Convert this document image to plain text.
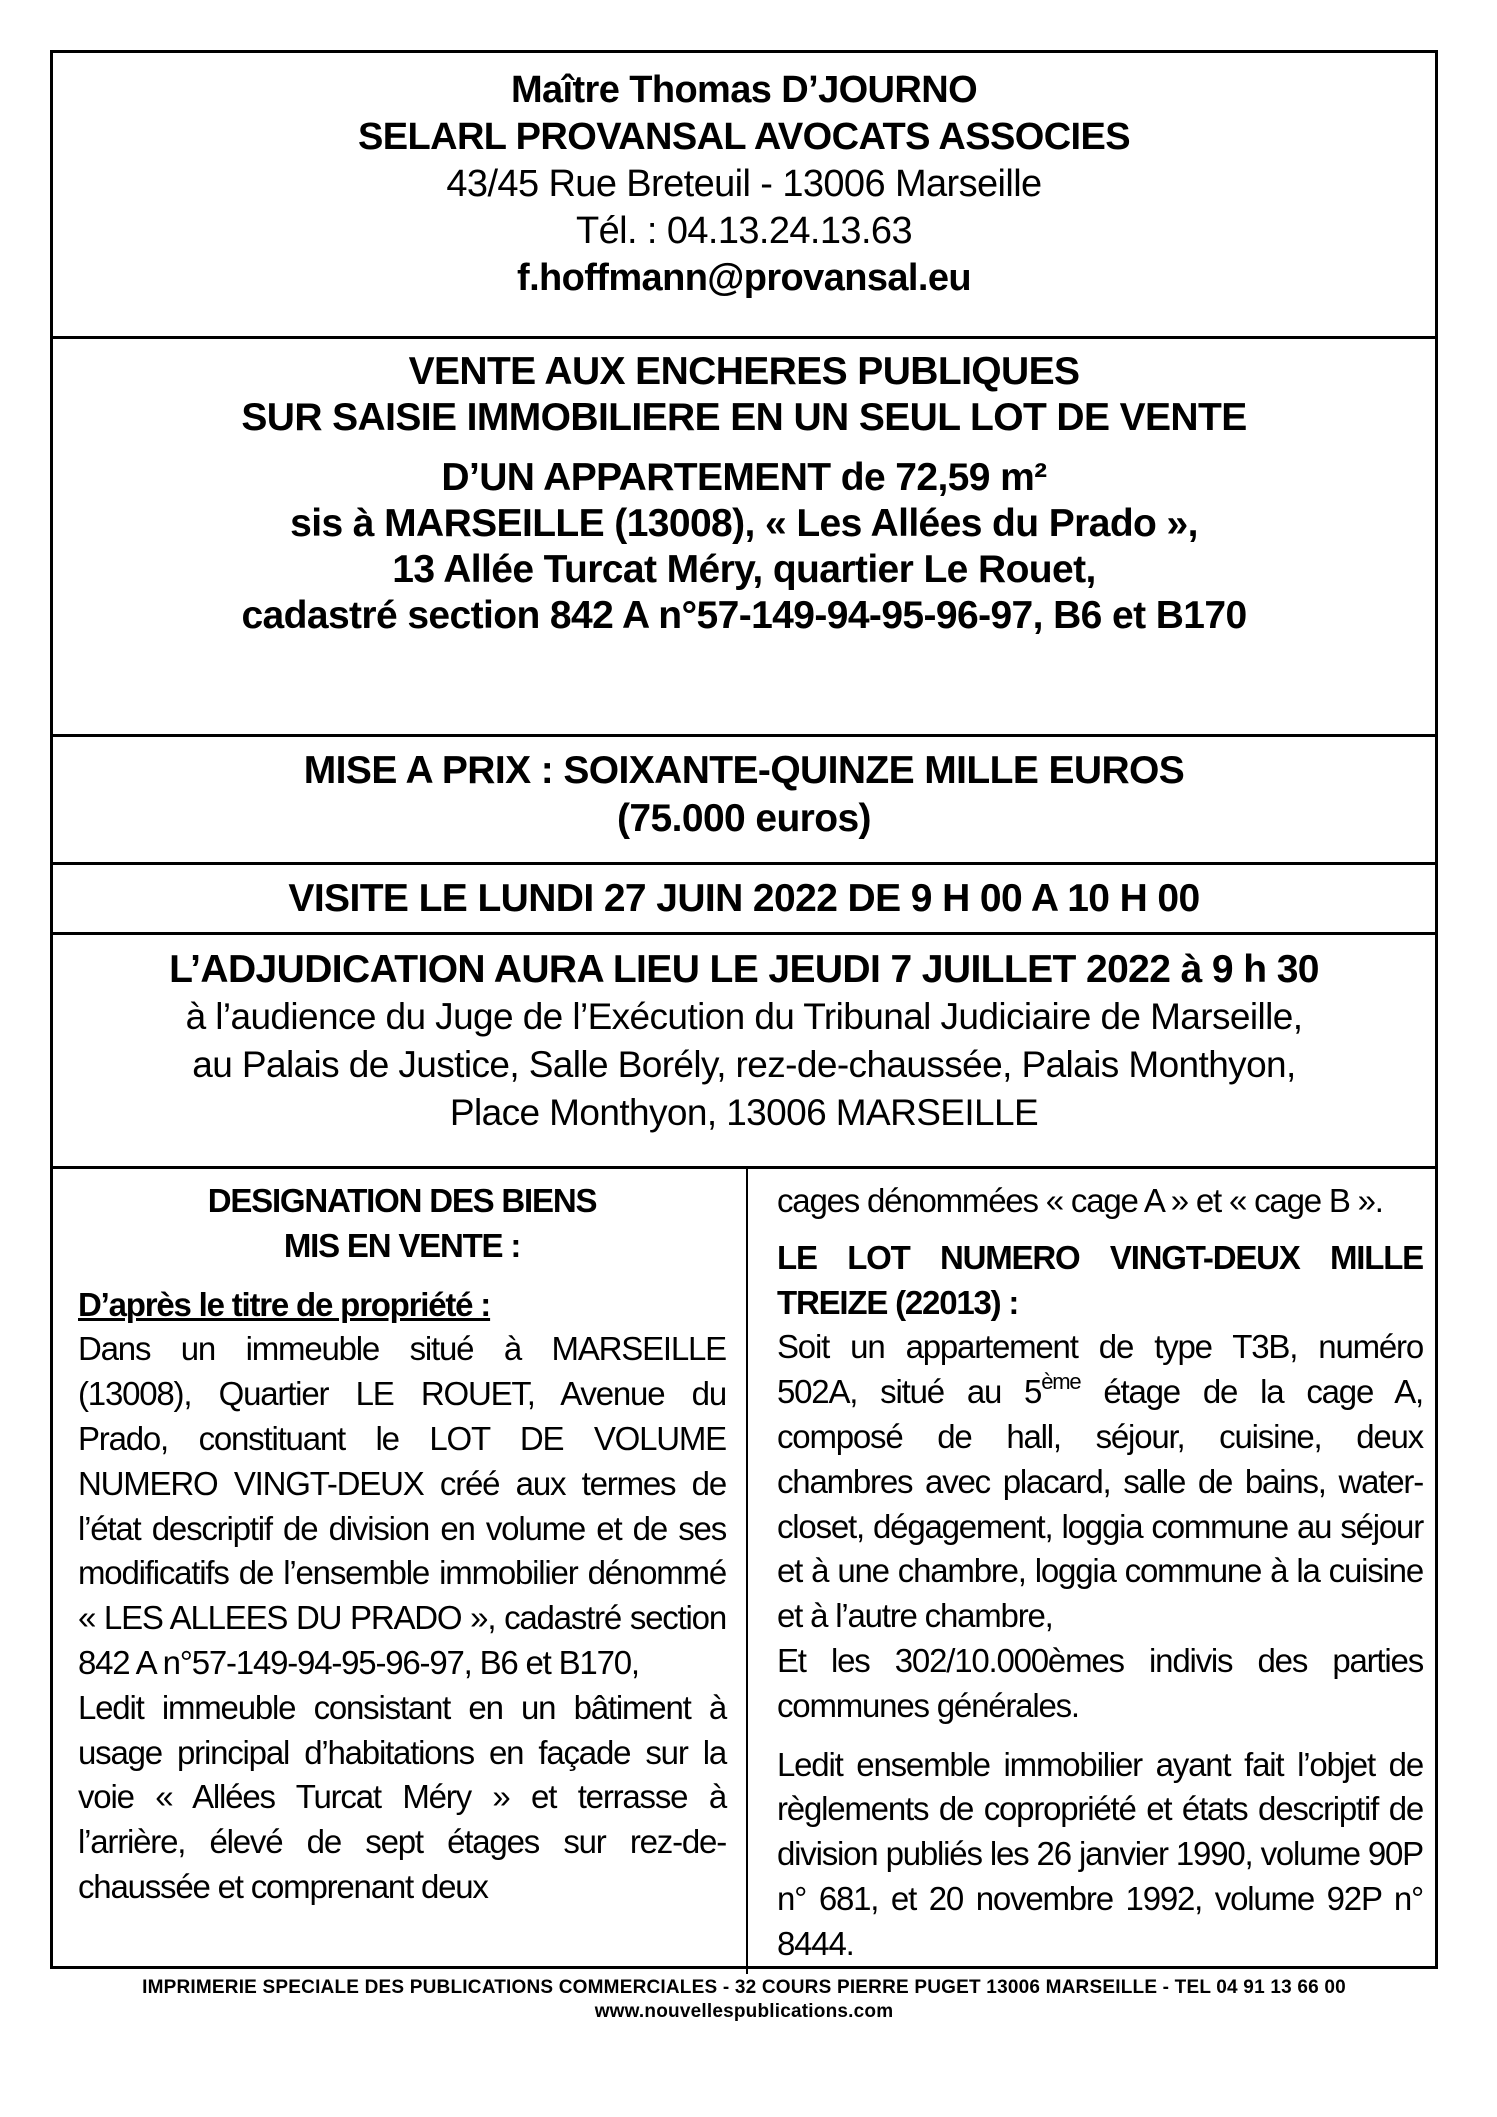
Maître Thomas D’JOURNO
SELARL PROVANSAL AVOCATS ASSOCIES
43/45 Rue Breteuil - 13006 Marseille
Tél. : 04.13.24.13.63
f.hoffmann@provansal.eu
VENTE AUX ENCHERES PUBLIQUES
SUR SAISIE IMMOBILIERE EN UN SEUL LOT DE VENTE
D’UN APPARTEMENT de 72,59 m²
sis à MARSEILLE (13008), « Les Allées du Prado »,
13 Allée Turcat Méry, quartier Le Rouet,
cadastré section 842 A n°57-149-94-95-96-97, B6 et B170
MISE A PRIX : SOIXANTE-QUINZE MILLE EUROS
(75.000 euros)
VISITE LE LUNDI 27 JUIN 2022 DE 9 H 00 A 10 H 00
L’ADJUDICATION AURA LIEU LE JEUDI 7 JUILLET 2022 à 9 h 30
à l’audience du Juge de l’Exécution du Tribunal Judiciaire de Marseille,
au Palais de Justice, Salle Borély, rez-de-chaussée, Palais Monthyon,
Place Monthyon, 13006 MARSEILLE

DESIGNATION DES BIENS

MIS EN VENTE :

D’après le titre de propriété :

Dans un immeuble situé à MARSEILLE (13008), Quartier LE ROUET, Avenue du Prado, constituant le LOT DE VOLUME NUMERO VINGT-DEUX créé aux termes de l’état descriptif de division en volume et de ses modificatifs de l’ensemble immobilier dénommé « LES ALLEES DU PRADO », cadastré section 842 A n°57-149-94-95-96-97, B6 et B170,

Ledit immeuble consistant en un bâtiment à usage principal d’habitations en façade sur la voie « Allées Turcat Méry » et terrasse à l’arrière, élevé de sept étages sur rez-de-chaussée et comprenant deux

cages dénommées « cage A » et « cage B ».

LE LOT NUMERO VINGT-DEUX MILLE TREIZE (22013) :

Soit un appartement de type T3B, numéro 502A, situé au 5ème étage de la cage A, composé de hall, séjour, cuisine, deux chambres avec placard, salle de bains, water-closet, dégagement, loggia commune au séjour et à une chambre, loggia commune à la cuisine et à l’autre chambre,

Et les 302/10.000èmes indivis des parties communes générales.

Ledit ensemble immobilier ayant fait l’objet de règlements de copropriété et états descriptif de division publiés les 26 janvier 1990, volume 90P n° 681, et 20 novembre 1992, volume 92P n° 8444.

IMPRIMERIE SPECIALE DES PUBLICATIONS COMMERCIALES - 32 COURS PIERRE PUGET 13006 MARSEILLE - TEL 04 91 13 66 00
www.nouvellespublications.com
